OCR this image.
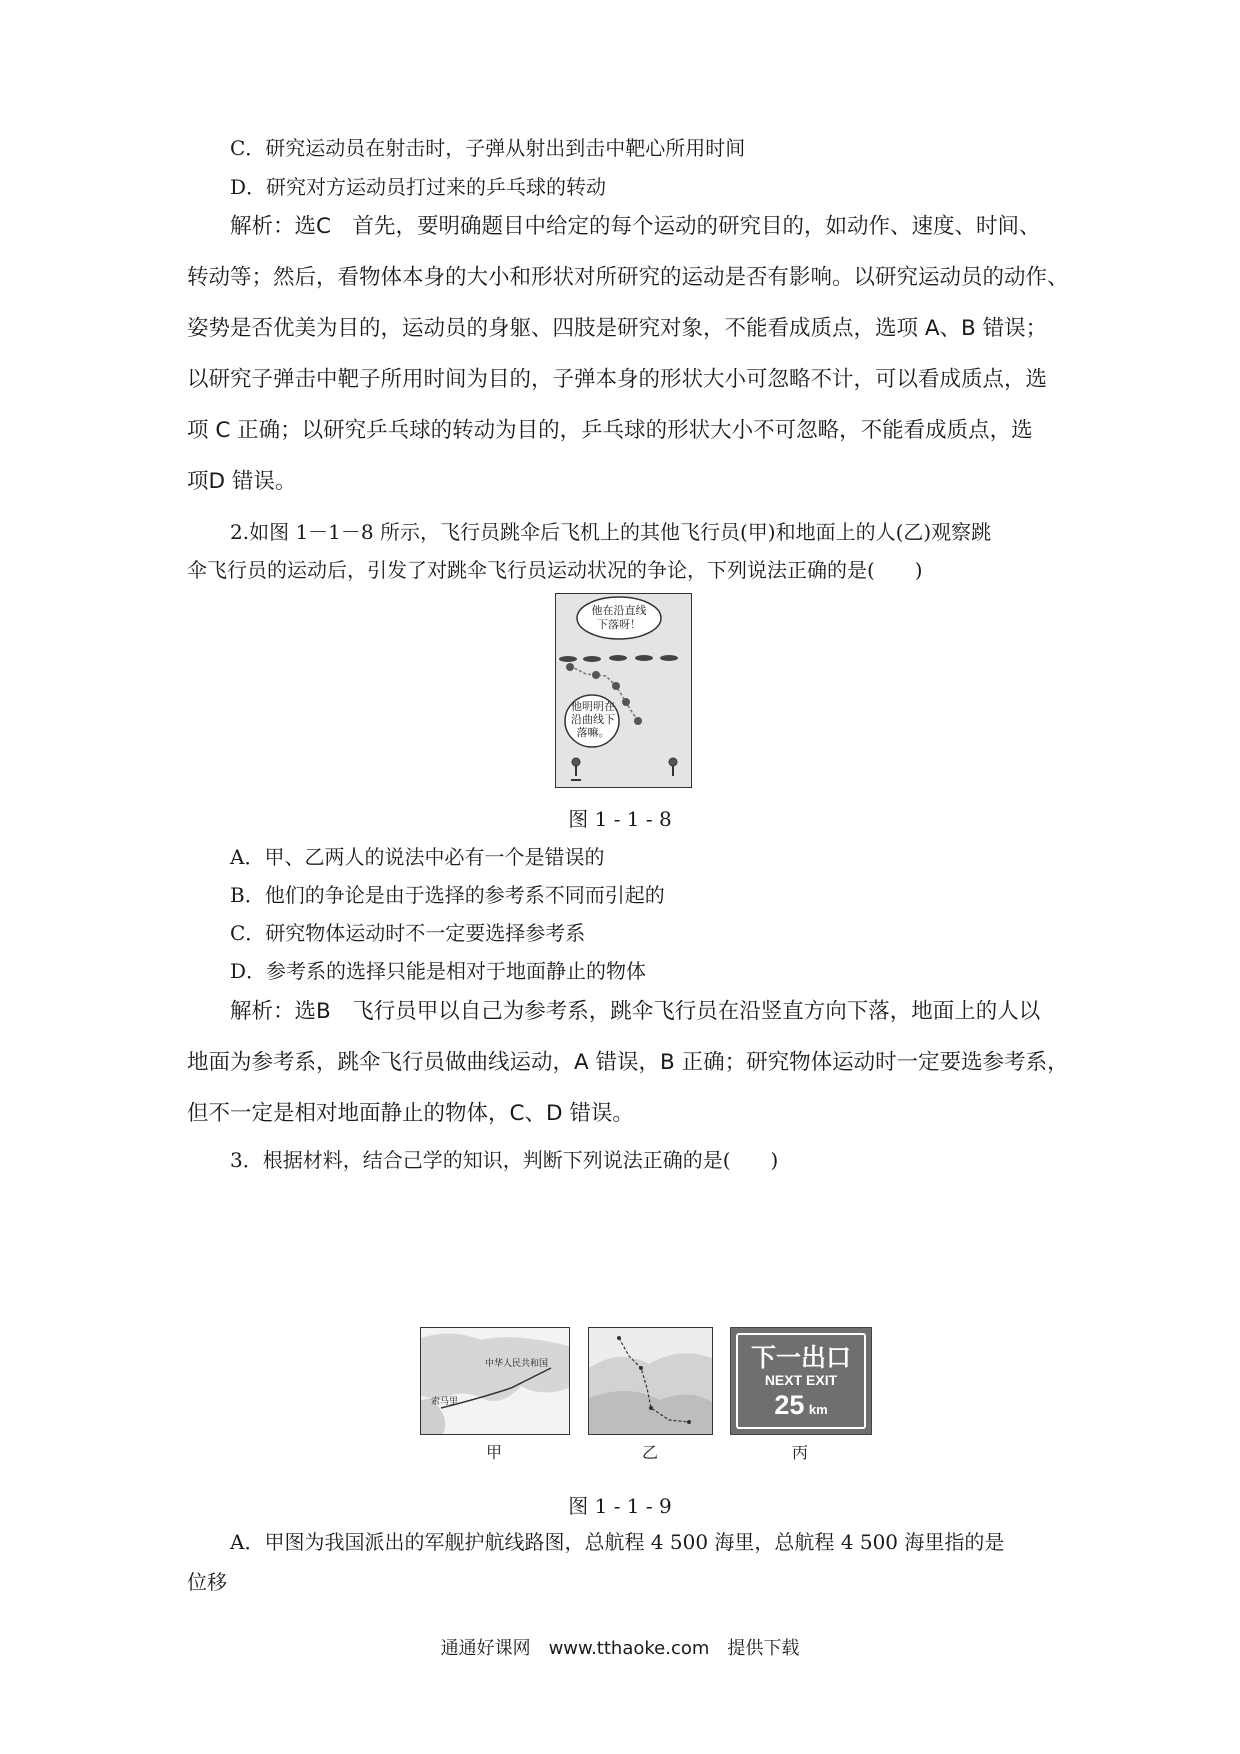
C．研究运动员在射击时，子弹从射出到击中靶心所用时间
D．研究对方运动员打过来的乒乓球的转动
解析：选C　首先，要明确题目中给定的每个运动的研究目的，如动作、速度、时间、
转动等；然后，看物体本身的大小和形状对所研究的运动是否有影响。以研究运动员的动作、
姿势是否优美为目的，运动员的身躯、四肢是研究对象，不能看成质点，选项 A、B 错误；
以研究子弹击中靶子所用时间为目的，子弹本身的形状大小可忽略不计，可以看成质点，选
项 C 正确；以研究乒乓球的转动为目的，乒乓球的形状大小不可忽略，不能看成质点，选
项D 错误。
2.如图 1－1－8 所示，飞行员跳伞后飞机上的其他飞行员(甲)和地面上的人(乙)观察跳
伞飞行员的运动后，引发了对跳伞飞行员运动状况的争论，下列说法正确的是(　　)
他在沿直线
下落呀！
他明明在
沿曲线下
落嘛。
图 1 - 1 - 8
A．甲、乙两人的说法中必有一个是错误的
B．他们的争论是由于选择的参考系不同而引起的
C．研究物体运动时不一定要选择参考系
D．参考系的选择只能是相对于地面静止的物体
解析：选B　飞行员甲以自己为参考系，跳伞飞行员在沿竖直方向下落，地面上的人以
地面为参考系，跳伞飞行员做曲线运动，A 错误，B 正确；研究物体运动时一定要选参考系，
但不一定是相对地面静止的物体，C、D 错误。
3．根据材料，结合己学的知识，判断下列说法正确的是(　　)
中华人民共和国
索马里
下一出口
NEXT EXIT
25 km
甲	乙	丙
图 1 - 1 - 9
A．甲图为我国派出的军舰护航线路图，总航程 4 500 海里，总航程 4 500 海里指的是
位移
通通好课网　www.tthaoke.com　提供下载
